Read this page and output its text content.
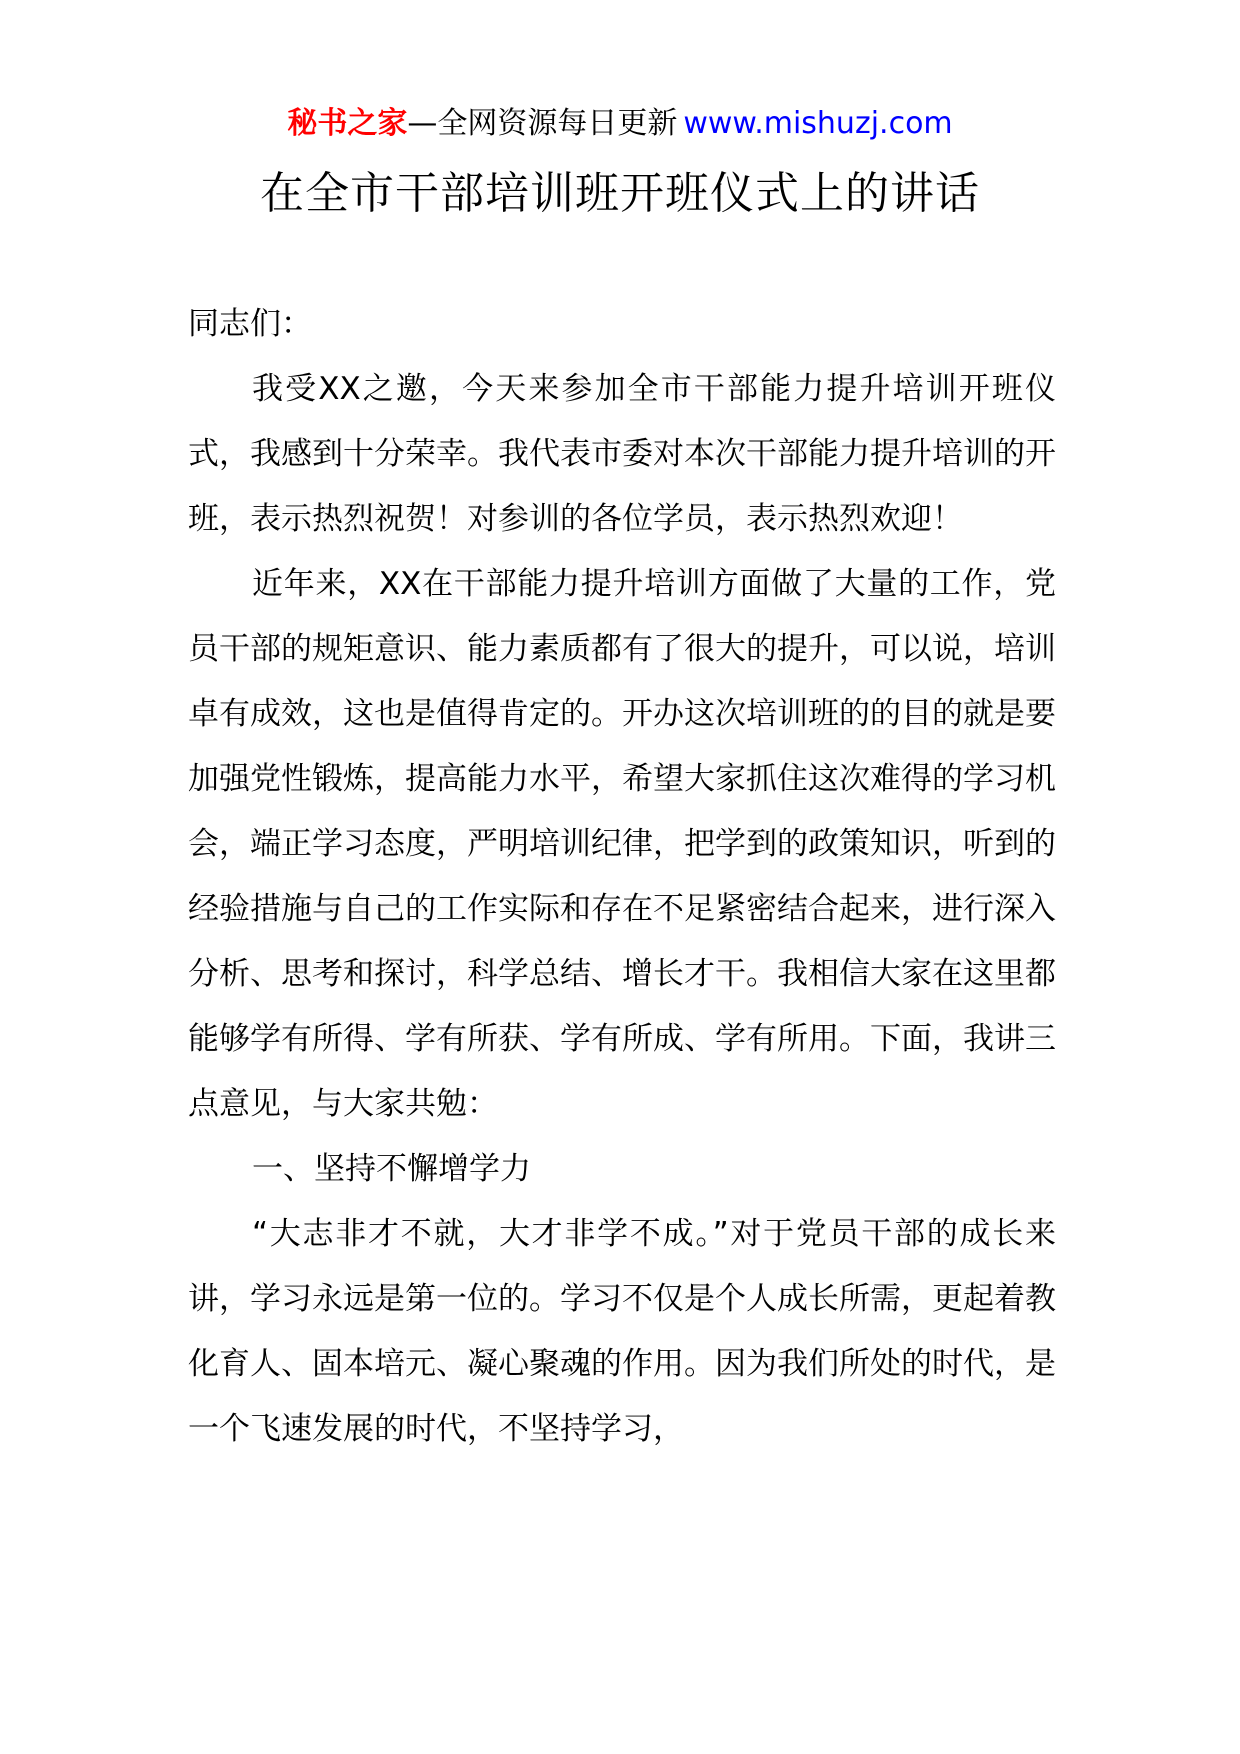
秘书之家—全网资源每日更新 www.mishuzj.com
在全市干部培训班开班仪式上的讲话

同志们：

我受XX之邀，今天来参加全市干部能力提升培训开班仪式，我感到十分荣幸。我代表市委对本次干部能力提升培训的开班，表示热烈祝贺！对参训的各位学员，表示热烈欢迎！

近年来，XX在干部能力提升培训方面做了大量的工作，党员干部的规矩意识、能力素质都有了很大的提升，可以说，培训卓有成效，这也是值得肯定的。开办这次培训班的的目的就是要加强党性锻炼，提高能力水平，希望大家抓住这次难得的学习机会，端正学习态度，严明培训纪律，把学到的政策知识，听到的经验措施与自己的工作实际和存在不足紧密结合起来，进行深入分析、思考和探讨，科学总结、增长才干。我相信大家在这里都能够学有所得、学有所获、学有所成、学有所用。下面，我讲三点意见，与大家共勉：

一、坚持不懈增学力

“大志非才不就，大才非学不成。”对于党员干部的成长来讲，学习永远是第一位的。学习不仅是个人成长所需，更起着教化育人、固本培元、凝心聚魂的作用。因为我们所处的时代，是一个飞速发展的时代，不坚持学习，
